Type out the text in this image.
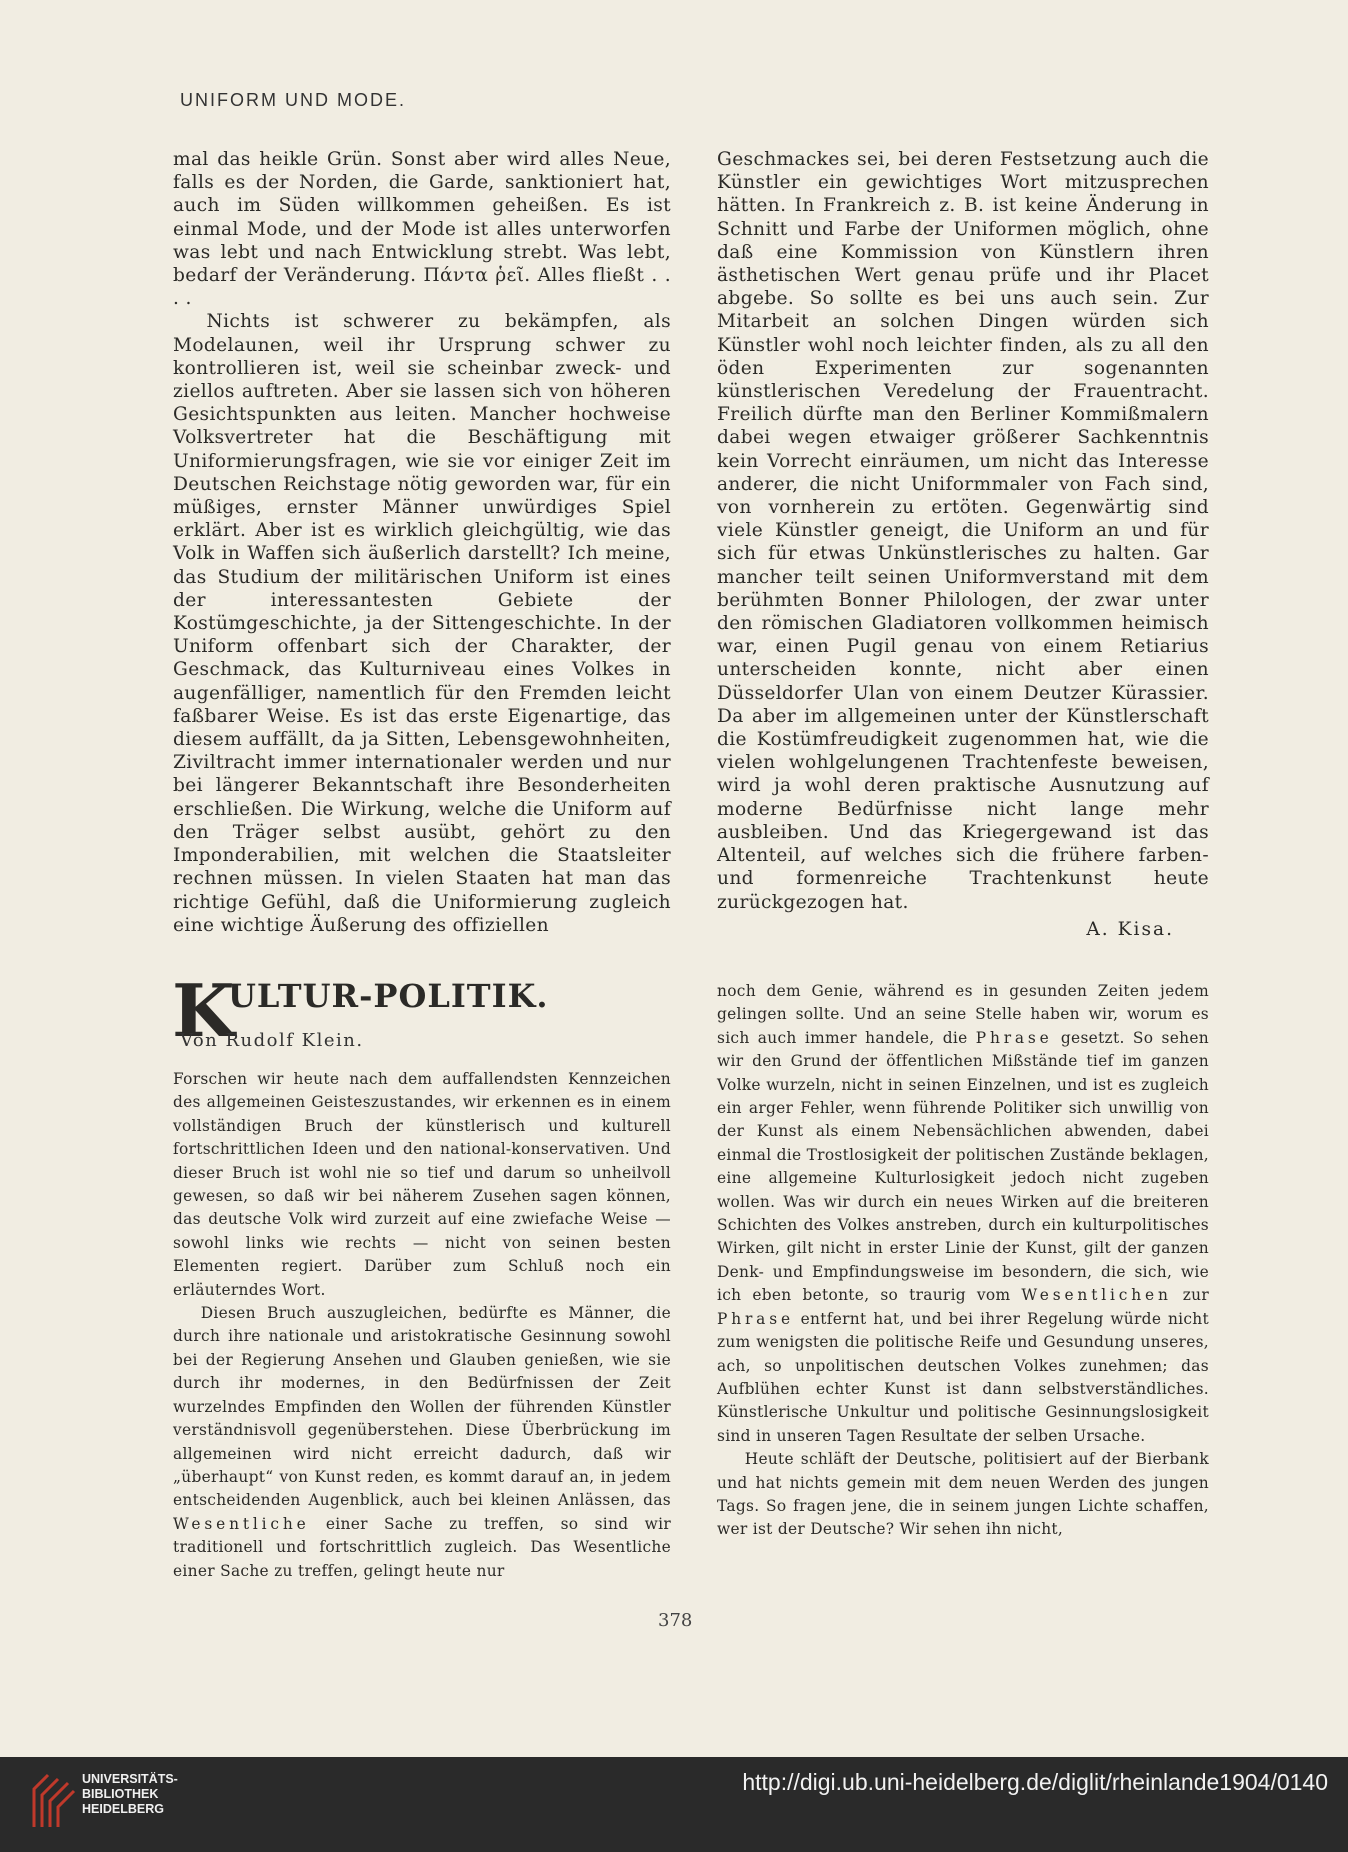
UNIFORM UND MODE.

mal das heikle Grün. Sonst aber wird alles Neue, falls es der Norden, die Garde, sanktioniert hat, auch im Süden willkommen geheißen. Es ist einmal Mode, und der Mode ist alles unterworfen was lebt und nach Entwicklung strebt. Was lebt, bedarf der Veränderung. Πάντα ῥεῖ. Alles fließt . . . .

Nichts ist schwerer zu bekämpfen, als Modelaunen, weil ihr Ursprung schwer zu kontrollieren ist, weil sie scheinbar zweck- und ziellos auftreten. Aber sie lassen sich von höheren Gesichtspunkten aus leiten. Mancher hochweise Volksvertreter hat die Beschäftigung mit Uniformierungsfragen, wie sie vor einiger Zeit im Deutschen Reichstage nötig geworden war, für ein müßiges, ernster Männer unwürdiges Spiel erklärt. Aber ist es wirklich gleichgültig, wie das Volk in Waffen sich äußerlich darstellt? Ich meine, das Studium der militärischen Uniform ist eines der interessantesten Gebiete der Kostümgeschichte, ja der Sittengeschichte. In der Uniform offenbart sich der Charakter, der Geschmack, das Kulturniveau eines Volkes in augenfälliger, namentlich für den Fremden leicht faßbarer Weise. Es ist das erste Eigenartige, das diesem auffällt, da ja Sitten, Lebensgewohnheiten, Ziviltracht immer internationaler werden und nur bei längerer Bekanntschaft ihre Besonderheiten erschließen. Die Wirkung, welche die Uniform auf den Träger selbst ausübt, gehört zu den Imponderabilien, mit welchen die Staatsleiter rechnen müssen. In vielen Staaten hat man das richtige Gefühl, daß die Uniformierung zugleich eine wichtige Äußerung des offiziellen

Geschmackes sei, bei deren Festsetzung auch die Künstler ein gewichtiges Wort mitzusprechen hätten. In Frankreich z. B. ist keine Änderung in Schnitt und Farbe der Uniformen möglich, ohne daß eine Kommission von Künstlern ihren ästhetischen Wert genau prüfe und ihr Placet abgebe. So sollte es bei uns auch sein. Zur Mitarbeit an solchen Dingen würden sich Künstler wohl noch leichter finden, als zu all den öden Experimenten zur sogenannten künstlerischen Veredelung der Frauentracht. Freilich dürfte man den Berliner Kommißmalern dabei wegen etwaiger größerer Sachkenntnis kein Vorrecht einräumen, um nicht das Interesse anderer, die nicht Uniformmaler von Fach sind, von vornherein zu ertöten. Gegenwärtig sind viele Künstler geneigt, die Uniform an und für sich für etwas Unkünstlerisches zu halten. Gar mancher teilt seinen Uniformverstand mit dem berühmten Bonner Philologen, der zwar unter den römischen Gladiatoren vollkommen heimisch war, einen Pugil genau von einem Retiarius unterscheiden konnte, nicht aber einen Düsseldorfer Ulan von einem Deutzer Kürassier. Da aber im allgemeinen unter der Künstlerschaft die Kostümfreudigkeit zugenommen hat, wie die vielen wohlgelungenen Trachtenfeste beweisen, wird ja wohl deren praktische Ausnutzung auf moderne Bedürfnisse nicht lange mehr ausbleiben. Und das Kriegergewand ist das Altenteil, auf welches sich die frühere farben- und formenreiche Trachtenkunst heute zurückgezogen hat.

A. Kisa.

K
ULTUR-POLITIK.
Von Rudolf Klein.

Forschen wir heute nach dem auffallendsten Kennzeichen des allgemeinen Geisteszustandes, wir erkennen es in einem vollständigen Bruch der künstlerisch und kulturell fortschrittlichen Ideen und den national-konservativen. Und dieser Bruch ist wohl nie so tief und darum so unheilvoll gewesen, so daß wir bei näherem Zusehen sagen können, das deutsche Volk wird zurzeit auf eine zwiefache Weise — sowohl links wie rechts — nicht von seinen besten Elementen regiert. Darüber zum Schluß noch ein erläuterndes Wort.

Diesen Bruch auszugleichen, bedürfte es Männer, die durch ihre nationale und aristokratische Gesinnung sowohl bei der Regierung Ansehen und Glauben genießen, wie sie durch ihr modernes, in den Bedürfnissen der Zeit wurzelndes Empfinden den Wollen der führenden Künstler verständnisvoll gegenüberstehen. Diese Überbrückung im allgemeinen wird nicht erreicht dadurch, daß wir „überhaupt“ von Kunst reden, es kommt darauf an, in jedem entscheidenden Augenblick, auch bei kleinen Anlässen, das Wesentliche einer Sache zu treffen, so sind wir traditionell und fortschrittlich zugleich. Das Wesentliche einer Sache zu treffen, gelingt heute nur

noch dem Genie, während es in gesunden Zeiten jedem gelingen sollte. Und an seine Stelle haben wir, worum es sich auch immer handele, die Phrase gesetzt. So sehen wir den Grund der öffentlichen Mißstände tief im ganzen Volke wurzeln, nicht in seinen Einzelnen, und ist es zugleich ein arger Fehler, wenn führende Politiker sich unwillig von der Kunst als einem Nebensächlichen abwenden, dabei einmal die Trostlosigkeit der politischen Zustände beklagen, eine allgemeine Kulturlosigkeit jedoch nicht zugeben wollen. Was wir durch ein neues Wirken auf die breiteren Schichten des Volkes anstreben, durch ein kulturpolitisches Wirken, gilt nicht in erster Linie der Kunst, gilt der ganzen Denk- und Empfindungsweise im besondern, die sich, wie ich eben betonte, so traurig vom Wesentlichen zur Phrase entfernt hat, und bei ihrer Regelung würde nicht zum wenigsten die politische Reife und Gesundung unseres, ach, so unpolitischen deutschen Volkes zunehmen; das Aufblühen echter Kunst ist dann selbstverständliches. Künstlerische Unkultur und politische Gesinnungslosigkeit sind in unseren Tagen Resultate der selben Ursache.

Heute schläft der Deutsche, politisiert auf der Bierbank und hat nichts gemein mit dem neuen Werden des jungen Tags. So fragen jene, die in seinem jungen Lichte schaffen, wer ist der Deutsche? Wir sehen ihn nicht,

378
UNIVERSITÄTS-
BIBLIOTHEK
HEIDELBERG
http://digi.ub.uni-heidelberg.de/diglit/rheinlande1904/0140
